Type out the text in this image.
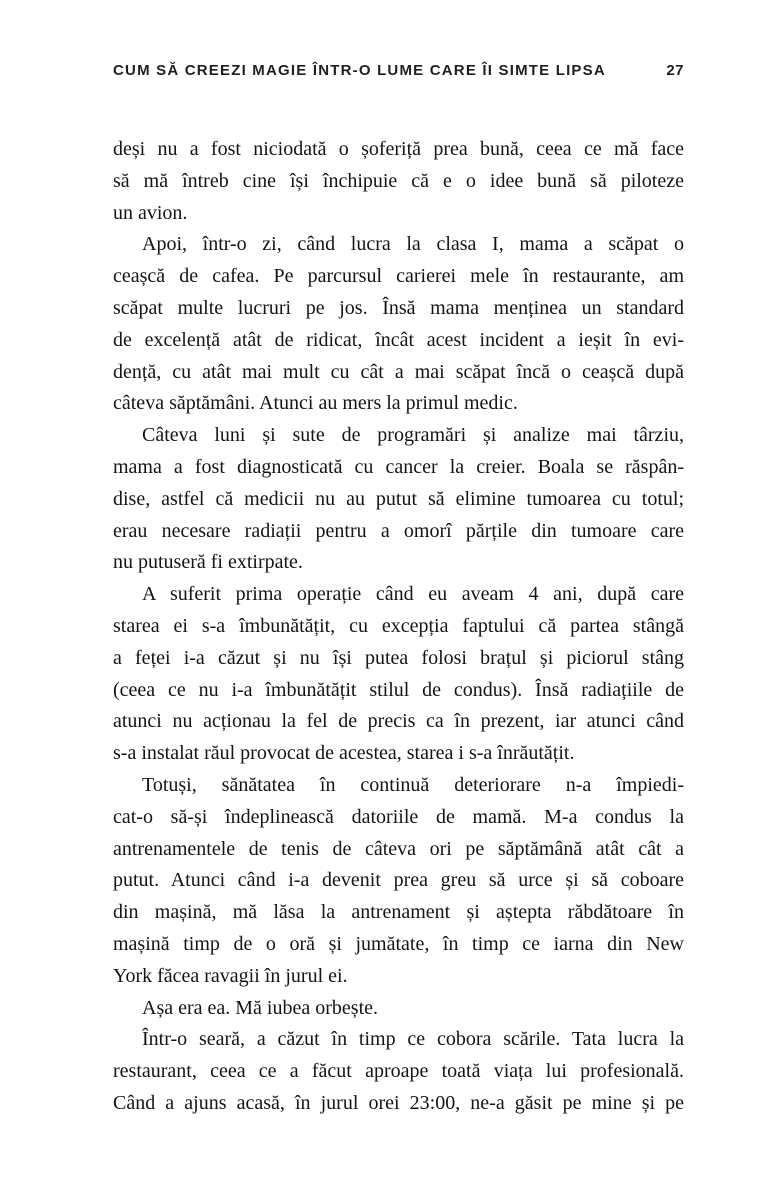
CUM SĂ CREEZI MAGIE ÎNTR-O LUME CARE ÎI SIMTE LIPSA	27
deși nu a fost niciodată o șoferiță prea bună, ceea ce mă face
să mă întreb cine își închipuie că e o idee bună să piloteze
un avion.
Apoi, într-o zi, când lucra la clasa I, mama a scăpat o
ceașcă de cafea. Pe parcursul carierei mele în restaurante, am
scăpat multe lucruri pe jos. Însă mama menținea un standard
de excelență atât de ridicat, încât acest incident a ieșit în evi-
dență, cu atât mai mult cu cât a mai scăpat încă o ceașcă după
câteva săptămâni. Atunci au mers la primul medic.
Câteva luni și sute de programări și analize mai târziu,
mama a fost diagnosticată cu cancer la creier. Boala se răspân-
dise, astfel că medicii nu au putut să elimine tumoarea cu totul;
erau necesare radiații pentru a omorî părțile din tumoare care
nu putuseră fi extirpate.
A suferit prima operație când eu aveam 4 ani, după care
starea ei s-a îmbunătățit, cu excepția faptului că partea stângă
a feței i-a căzut și nu își putea folosi brațul și piciorul stâng
(ceea ce nu i-a îmbunătățit stilul de condus). Însă radiațiile de
atunci nu acționau la fel de precis ca în prezent, iar atunci când
s-a instalat răul provocat de acestea, starea i s-a înrăutățit.
Totuși, sănătatea în continuă deteriorare n-a împiedi-
cat-o să-și îndeplinească datoriile de mamă. M-a condus la
antrenamentele de tenis de câteva ori pe săptămână atât cât a
putut. Atunci când i-a devenit prea greu să urce și să coboare
din mașină, mă lăsa la antrenament și aștepta răbdătoare în
mașină timp de o oră și jumătate, în timp ce iarna din New
York făcea ravagii în jurul ei.
Așa era ea. Mă iubea orbește.
Într-o seară, a căzut în timp ce cobora scările. Tata lucra la
restaurant, ceea ce a făcut aproape toată viața lui profesională.
Când a ajuns acasă, în jurul orei 23:00, ne-a găsit pe mine și pe
